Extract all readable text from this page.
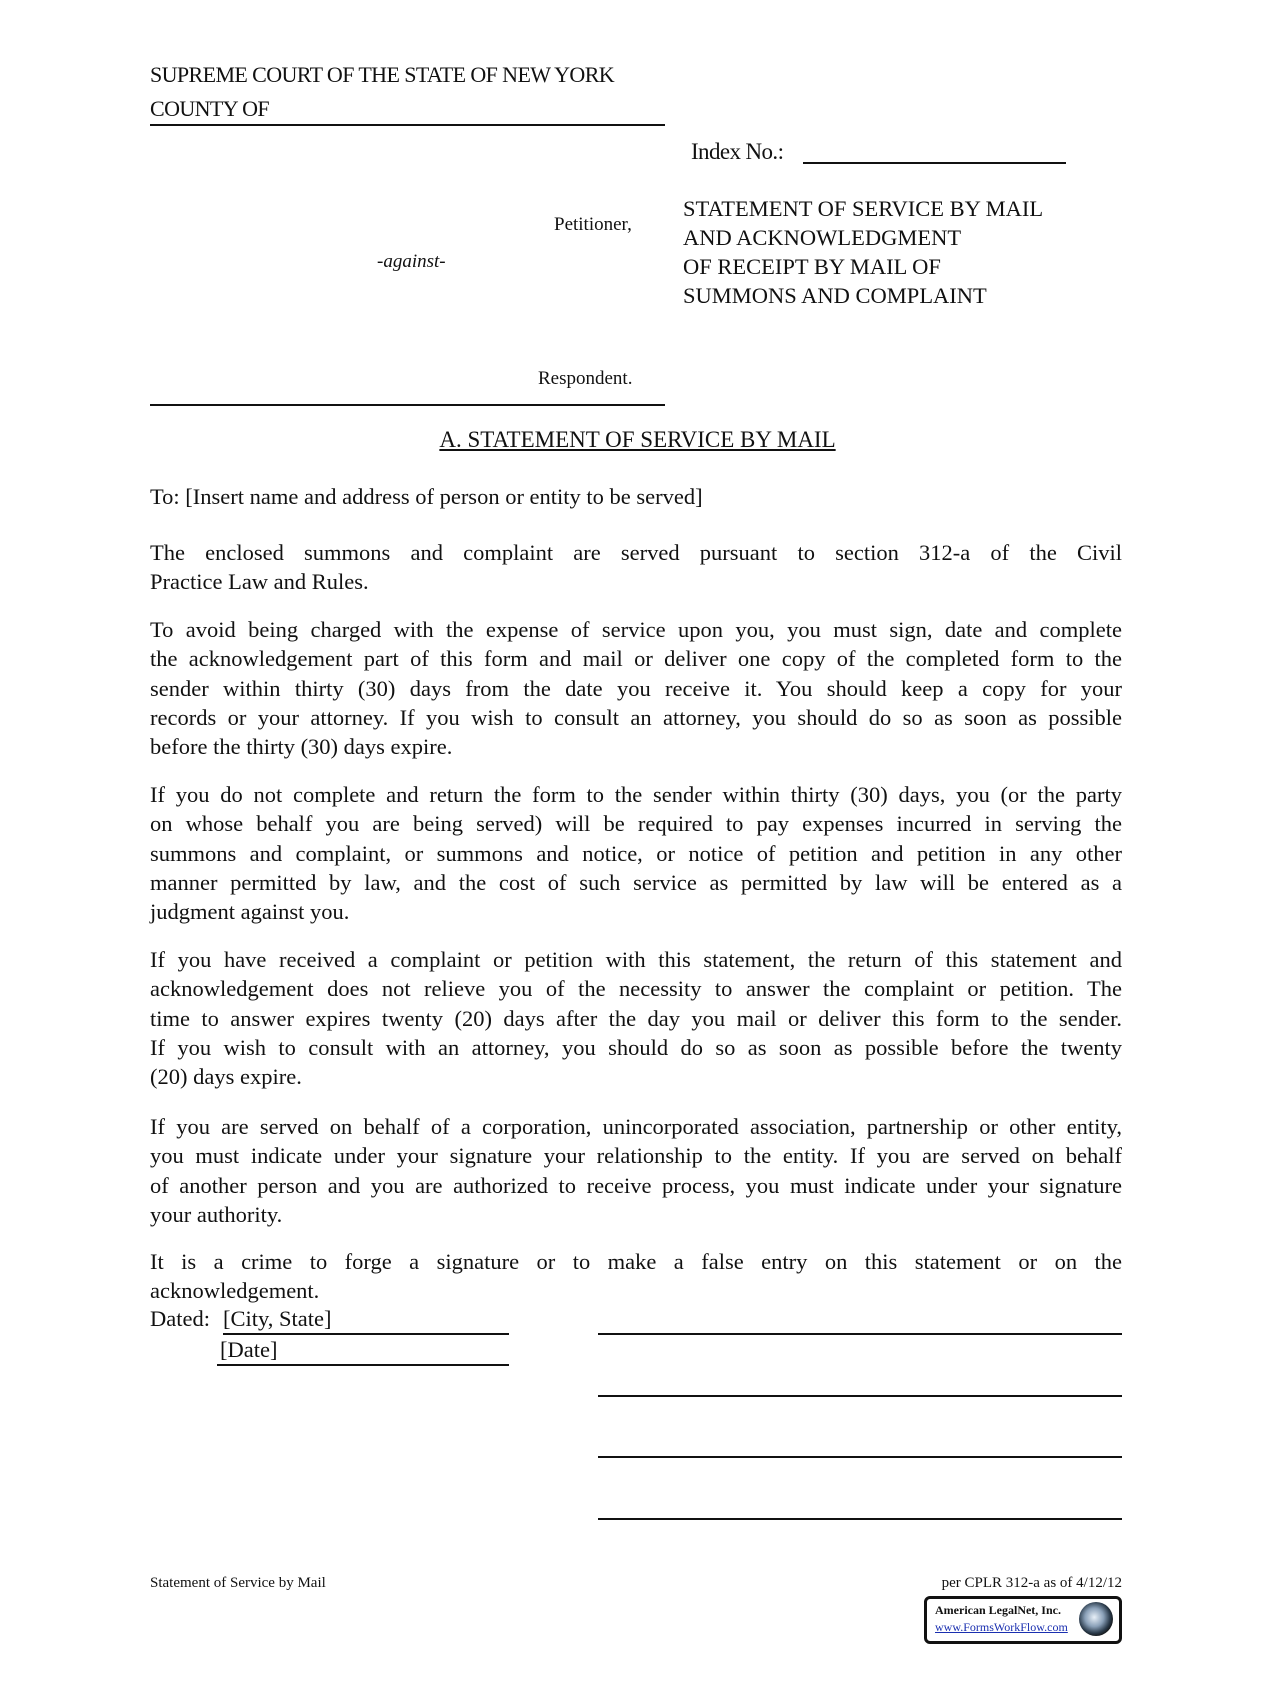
SUPREME COURT OF THE STATE OF NEW YORK
COUNTY OF
Index No.:
Petitioner,
-against-
Respondent.
STATEMENT OF SERVICE BY MAIL
AND ACKNOWLEDGMENT
OF RECEIPT BY MAIL OF
SUMMONS AND COMPLAINT
A. STATEMENT OF SERVICE BY MAIL
To: [Insert name and address of person or entity to be served]
The enclosed summons and complaint are served pursuant to section 312-a of the Civil
Practice Law and Rules.
To avoid being charged with the expense of service upon you, you must sign, date and complete
the acknowledgement part of this form and mail or deliver one copy of the completed form to the
sender within thirty (30) days from the date you receive it. You should keep a copy for your
records or your attorney. If you wish to consult an attorney, you should do so as soon as possible
before the thirty (30) days expire.
If you do not complete and return the form to the sender within thirty (30) days, you (or the party
on whose behalf you are being served) will be required to pay expenses incurred in serving the
summons and complaint, or summons and notice, or notice of petition and petition in any other
manner permitted by law, and the cost of such service as permitted by law will be entered as a
judgment against you.
If you have received a complaint or petition with this statement, the return of this statement and
acknowledgement does not relieve you of the necessity to answer the complaint or petition. The
time to answer expires twenty (20) days after the day you mail or deliver this form to the sender.
If you wish to consult with an attorney, you should do so as soon as possible before the twenty
(20) days expire.
If you are served on behalf of a corporation, unincorporated association, partnership or other entity,
you must indicate under your signature your relationship to the entity. If you are served on behalf
of another person and you are authorized to receive process, you must indicate under your signature
your authority.
It is a crime to forge a signature or to make a false entry on this statement or on the
acknowledgement.
Dated: [City, State]
[Date]
Statement of Service by Mail	per CPLR 312-a as of 4/12/12
American LegalNet, Inc.
www.FormsWorkFlow.com
